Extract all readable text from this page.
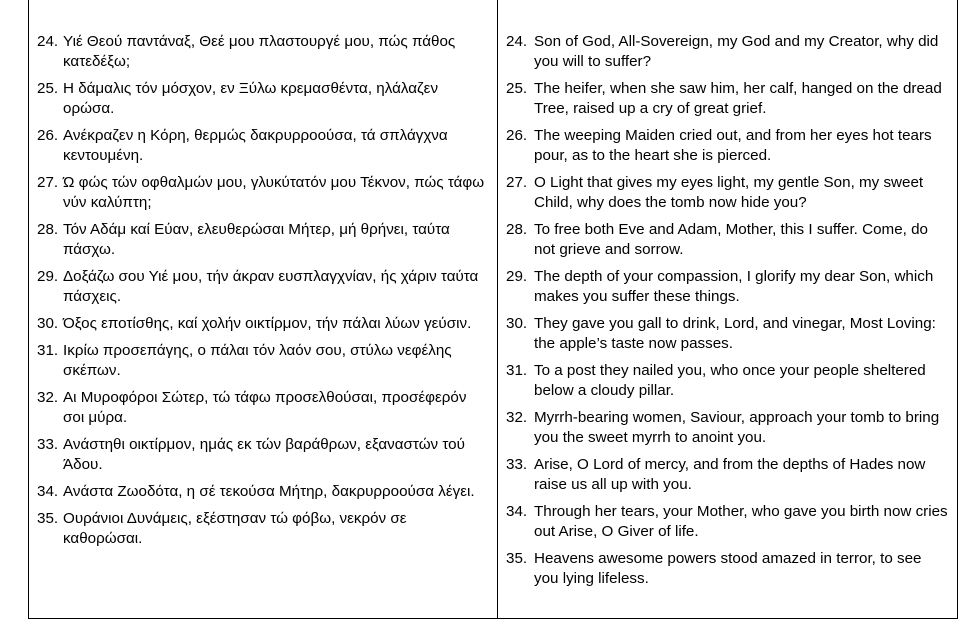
24. Υιέ Θεού παντάναξ, Θεέ μου πλαστουργέ μου, πώς πάθος κατεδέξω;
25. Η δάμαλις τόν μόσχον, εν Ξύλω κρεμασθέντα, ηλάλαζεν ορώσα.
26. Ανέκραζεν η Κόρη, θερμώς δακρυρροούσα, τά σπλάγχνα κεντουμένη.
27. Ώ φώς τών οφθαλμών μου, γλυκύτατόν μου Τέκνον, πώς τάφω νύν καλύπτη;
28. Τόν Αδάμ καί Εύαν, ελευθερώσαι Μήτερ, μή θρήνει, ταύτα πάσχω.
29. Δοξάζω σου Υιέ μου, τήν άκραν ευσπλαγχνίαν, ής χάριν ταύτα πάσχεις.
30. Όξος εποτίσθης, καί χολήν οικτίρμον, τήν πάλαι λύων γεύσιν.
31. Ικρίω προσεπάγης, ο πάλαι τόν λαόν σου, στύλω νεφέλης σκέπων.
32. Αι Μυροφόροι Σώτερ, τώ τάφω προσελθούσαι, προσέφερόν σοι μύρα.
33. Ανάστηθι οικτίρμον, ημάς εκ τών βαράθρων, εξαναστών τού Άδου.
34. Ανάστα Ζωοδότα, η σέ τεκούσα Μήτηρ, δακρυρροούσα λέγει.
35. Ουράνιοι Δυνάμεις, εξέστησαν τώ φόβω, νεκρόν σε καθορώσαι.
24. Son of God, All-Sovereign, my God and my Creator, why did you will to suffer?
25. The heifer, when she saw him, her calf, hanged on the dread Tree, raised up a cry of great grief.
26. The weeping Maiden cried out, and from her eyes hot tears pour, as to the heart she is pierced.
27. O Light that gives my eyes light, my gentle Son, my sweet Child, why does the tomb now hide you?
28. To free both Eve and Adam, Mother, this I suffer. Come, do not grieve and sorrow.
29. The depth of your compassion, I glorify my dear Son, which makes you suffer these things.
30. They gave you gall to drink, Lord, and vinegar, Most Loving: the apple’s taste now passes.
31. To a post they nailed you, who once your people sheltered below a cloudy pillar.
32. Myrrh-bearing women, Saviour, approach your tomb to bring you the sweet myrrh to anoint you.
33. Arise, O Lord of mercy, and from the depths of Hades now raise us all up with you.
34. Through her tears, your Mother, who gave you birth now cries out Arise, O Giver of life.
35. Heavens awesome powers stood amazed in terror, to see you lying lifeless.
